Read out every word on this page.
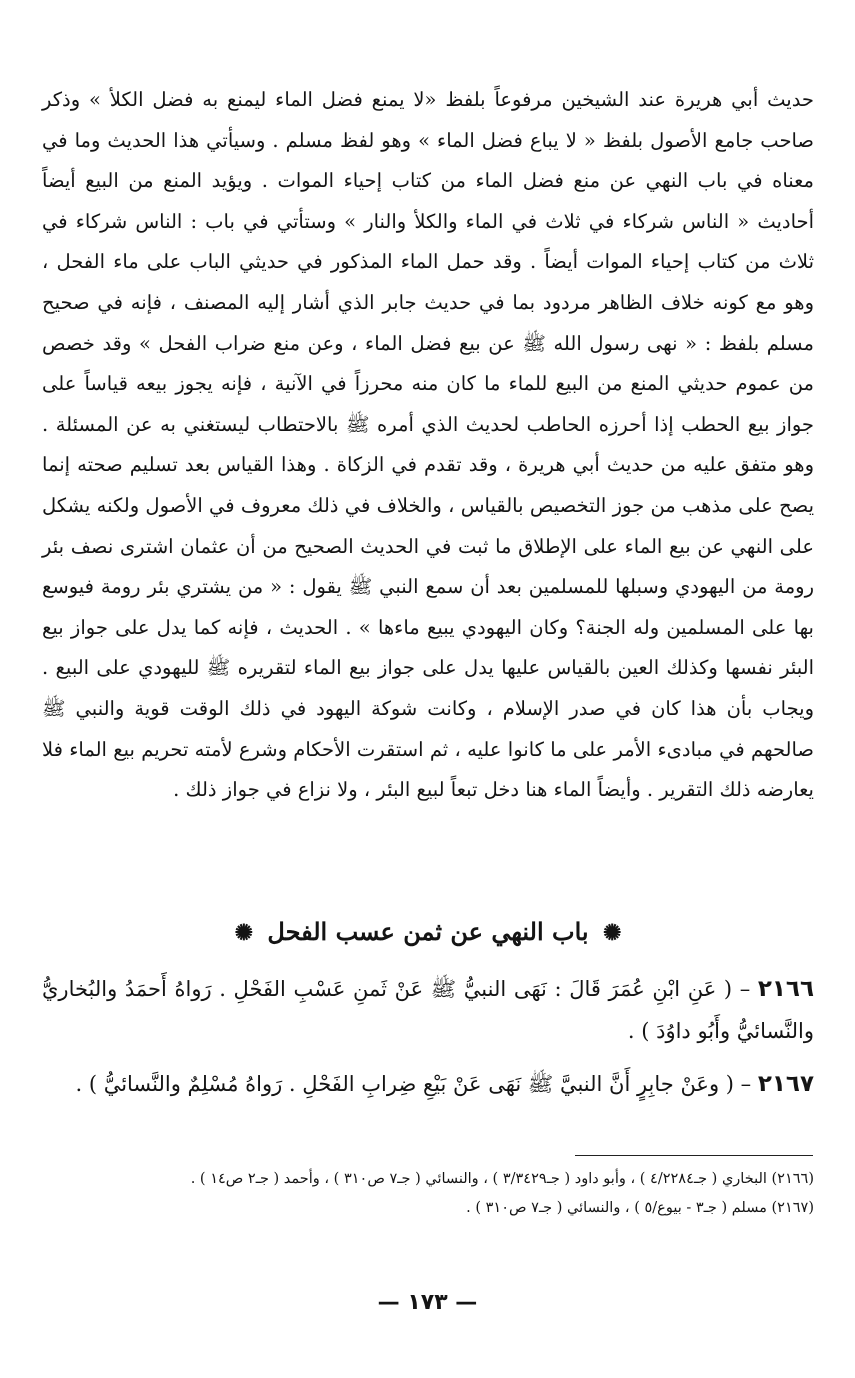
حديث أبي هريرة عند الشيخين مرفوعاً بلفظ «لا يمنع فضل الماء ليمنع به فضل الكلأ » وذكر صاحب جامع الأصول بلفظ « لا يباع فضل الماء » وهو لفظ مسلم . وسيأتي هذا الحديث وما في معناه في باب النهي عن منع فضل الماء من كتاب إحياء الموات . ويؤيد المنع من البيع أيضاً أحاديث « الناس شركاء في ثلاث في الماء والكلأ والنار » وستأتي في باب : الناس شركاء في ثلاث من كتاب إحياء الموات أيضاً . وقد حمل الماء المذكور في حديثي الباب على ماء الفحل ، وهو مع كونه خلاف الظاهر مردود بما في حديث جابر الذي أشار إليه المصنف ، فإنه في صحيح مسلم بلفظ : « نهى رسول الله ﷺ عن بيع فضل الماء ، وعن منع ضراب الفحل » وقد خصص من عموم حديثي المنع من البيع للماء ما كان منه محرزاً في الآنية ، فإنه يجوز بيعه قياساً على جواز بيع الحطب إذا أحرزه الحاطب لحديث الذي أمره ﷺ بالاحتطاب ليستغني به عن المسئلة . وهو متفق عليه من حديث أبي هريرة ، وقد تقدم في الزكاة . وهذا القياس بعد تسليم صحته إنما يصح على مذهب من جوز التخصيص بالقياس ، والخلاف في ذلك معروف في الأصول ولكنه يشكل على النهي عن بيع الماء على الإطلاق ما ثبت في الحديث الصحيح من أن عثمان اشترى نصف بئر رومة من اليهودي وسبلها للمسلمين بعد أن سمع النبي ﷺ يقول : « من يشتري بئر رومة فيوسع بها على المسلمين وله الجنة؟ وكان اليهودي يبيع ماءها » . الحديث ، فإنه كما يدل على جواز بيع البئر نفسها وكذلك العين بالقياس عليها يدل على جواز بيع الماء لتقريره ﷺ لليهودي على البيع . ويجاب بأن هذا كان في صدر الإسلام ، وكانت شوكة اليهود في ذلك الوقت قوية والنبي ﷺ صالحهم في مبادىء الأمر على ما كانوا عليه ، ثم استقرت الأحكام وشرع لأمته تحريم بيع الماء فلا يعارضه ذلك التقرير . وأيضاً الماء هنا دخل تبعاً لبيع البئر ، ولا نزاع في جواز ذلك .

✺ باب النهي عن ثمن عسب الفحل ✺
٢١٦٦ – ( عَنِ ابْنِ عُمَرَ قَالَ : نَهَى النبيُّ ﷺ عَنْ ثَمنِ عَسْبِ الفَحْلِ . رَواهُ أَحمَدُ والبُخاريُّ والنَّسائيُّ وأَبُو داوُدَ ) .
٢١٦٧ – ( وعَنْ جابِرٍ أَنَّ النبيَّ ﷺ نَهَى عَنْ بَيْعِ ضِرابِ الفَحْلِ . رَواهُ مُسْلِمٌ والنَّسائيُّ ) .

(٢١٦٦) البخاري ( جـ٤/٢٢٨٤ ) ، وأبو داود ( جـ٣/٣٤٢٩ ) ، والنسائي ( جـ٧ ص٣١٠ ) ، وأحمد ( جـ٢ ص١٤ ) .

(٢١٦٧) مسلم ( جـ٣ - بيوع/٥ ) ، والنسائي ( جـ٧ ص٣١٠ ) .

— ١٧٣ —
